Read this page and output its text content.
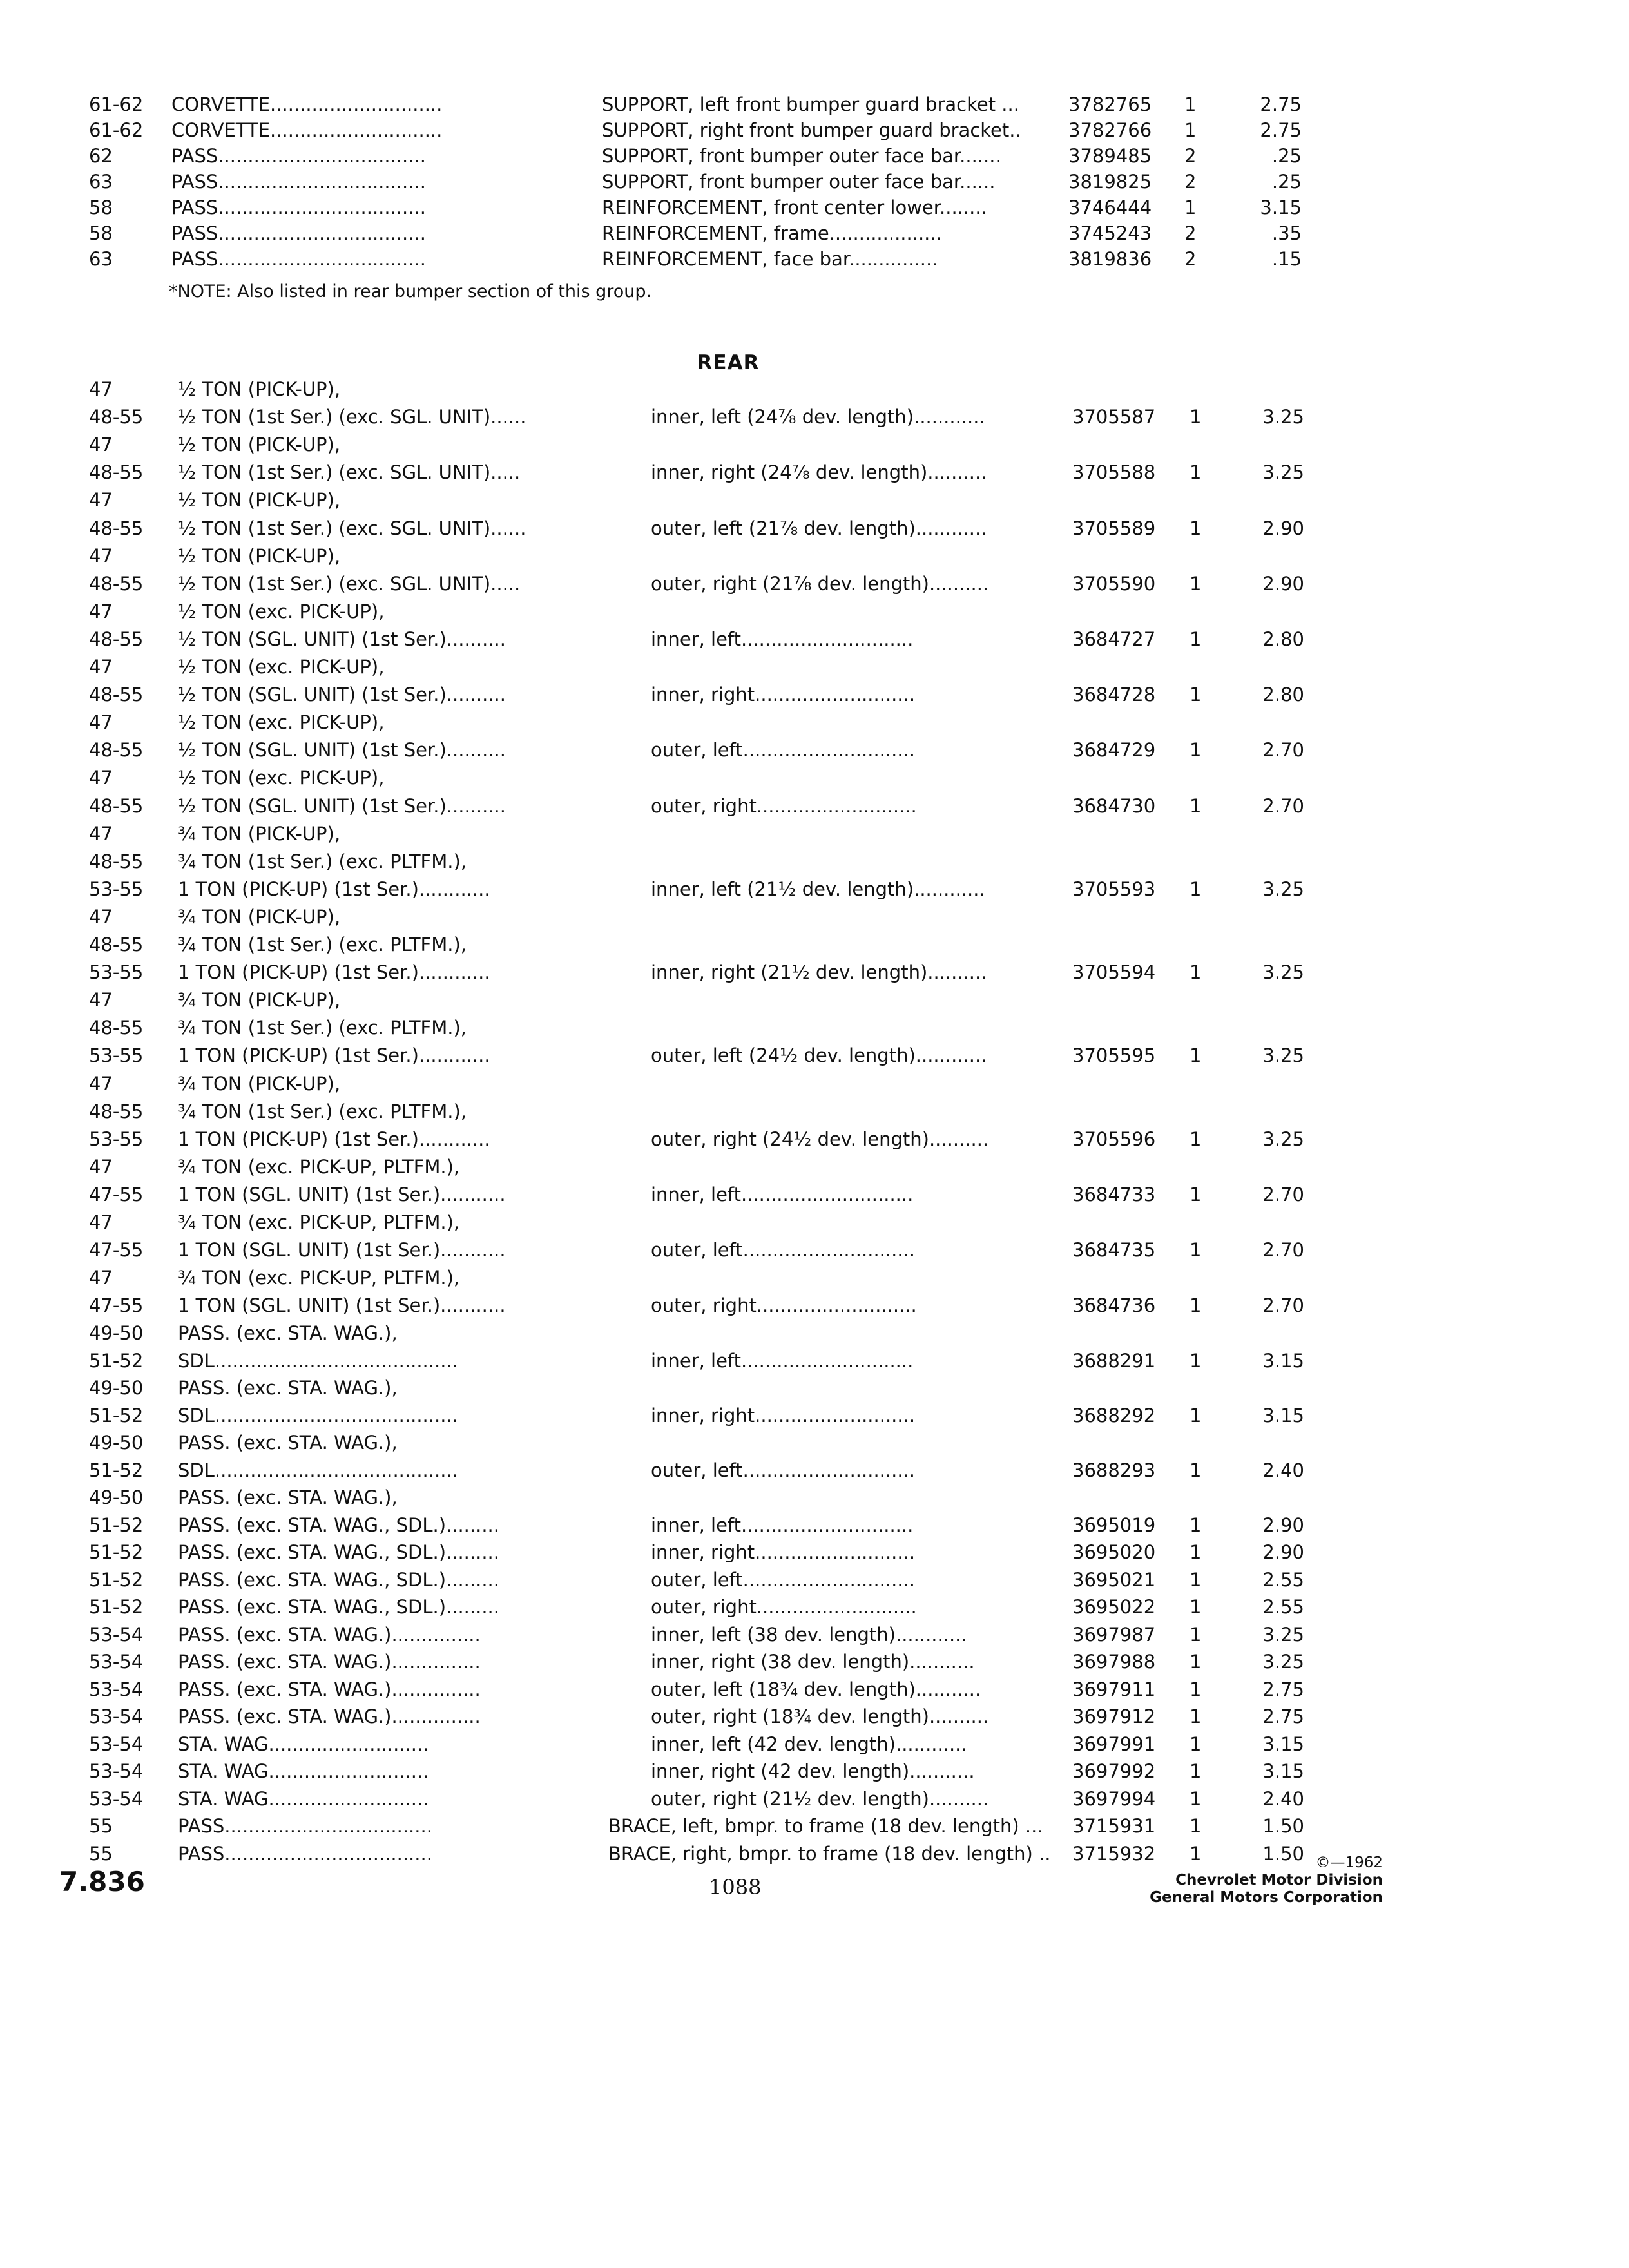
61-62	CORVETTE.............................	SUPPORT, left front bumper guard bracket ...	3782765	1	2.75
61-62	CORVETTE.............................	SUPPORT, right front bumper guard bracket..	3782766	1	2.75
62	PASS...................................	SUPPORT, front bumper outer face bar.......	3789485	2	.25
63	PASS...................................	SUPPORT, front bumper outer face bar......	3819825	2	.25
58	PASS...................................	REINFORCEMENT, front center lower........	3746444	1	3.15
58	PASS...................................	REINFORCEMENT, frame...................	3745243	2	.35
63	PASS...................................	REINFORCEMENT, face bar...............	3819836	2	.15
*NOTE: Also listed in rear bumper section of this group.
REAR
47	½ TON (PICK-UP),
48-55	½ TON (1st Ser.) (exc. SGL. UNIT)......	inner, left (24⅞ dev. length)............	3705587	1	3.25
47	½ TON (PICK-UP),
48-55	½ TON (1st Ser.) (exc. SGL. UNIT).....	inner, right (24⅞ dev. length)..........	3705588	1	3.25
47	½ TON (PICK-UP),
48-55	½ TON (1st Ser.) (exc. SGL. UNIT)......	outer, left (21⅞ dev. length)............	3705589	1	2.90
47	½ TON (PICK-UP),
48-55	½ TON (1st Ser.) (exc. SGL. UNIT).....	outer, right (21⅞ dev. length)..........	3705590	1	2.90
47	½ TON (exc. PICK-UP),
48-55	½ TON (SGL. UNIT) (1st Ser.)..........	inner, left.............................	3684727	1	2.80
47	½ TON (exc. PICK-UP),
48-55	½ TON (SGL. UNIT) (1st Ser.)..........	inner, right...........................	3684728	1	2.80
47	½ TON (exc. PICK-UP),
48-55	½ TON (SGL. UNIT) (1st Ser.)..........	outer, left.............................	3684729	1	2.70
47	½ TON (exc. PICK-UP),
48-55	½ TON (SGL. UNIT) (1st Ser.)..........	outer, right...........................	3684730	1	2.70
47	¾ TON (PICK-UP),
48-55	¾ TON (1st Ser.) (exc. PLTFM.),
53-55	1 TON (PICK-UP) (1st Ser.)............	inner, left (21½ dev. length)............	3705593	1	3.25
47	¾ TON (PICK-UP),
48-55	¾ TON (1st Ser.) (exc. PLTFM.),
53-55	1 TON (PICK-UP) (1st Ser.)............	inner, right (21½ dev. length)..........	3705594	1	3.25
47	¾ TON (PICK-UP),
48-55	¾ TON (1st Ser.) (exc. PLTFM.),
53-55	1 TON (PICK-UP) (1st Ser.)............	outer, left (24½ dev. length)............	3705595	1	3.25
47	¾ TON (PICK-UP),
48-55	¾ TON (1st Ser.) (exc. PLTFM.),
53-55	1 TON (PICK-UP) (1st Ser.)............	outer, right (24½ dev. length)..........	3705596	1	3.25
47	¾ TON (exc. PICK-UP, PLTFM.),
47-55	1 TON (SGL. UNIT) (1st Ser.)...........	inner, left.............................	3684733	1	2.70
47	¾ TON (exc. PICK-UP, PLTFM.),
47-55	1 TON (SGL. UNIT) (1st Ser.)...........	outer, left.............................	3684735	1	2.70
47	¾ TON (exc. PICK-UP, PLTFM.),
47-55	1 TON (SGL. UNIT) (1st Ser.)...........	outer, right...........................	3684736	1	2.70
49-50	PASS. (exc. STA. WAG.),
51-52	SDL.........................................	inner, left.............................	3688291	1	3.15
49-50	PASS. (exc. STA. WAG.),
51-52	SDL.........................................	inner, right...........................	3688292	1	3.15
49-50	PASS. (exc. STA. WAG.),
51-52	SDL.........................................	outer, left.............................	3688293	1	2.40
49-50	PASS. (exc. STA. WAG.),
51-52	PASS. (exc. STA. WAG., SDL.).........	inner, left.............................	3695019	1	2.90
51-52	PASS. (exc. STA. WAG., SDL.).........	inner, right...........................	3695020	1	2.90
51-52	PASS. (exc. STA. WAG., SDL.).........	outer, left.............................	3695021	1	2.55
51-52	PASS. (exc. STA. WAG., SDL.).........	outer, right...........................	3695022	1	2.55
53-54	PASS. (exc. STA. WAG.)...............	inner, left (38 dev. length)............	3697987	1	3.25
53-54	PASS. (exc. STA. WAG.)...............	inner, right (38 dev. length)...........	3697988	1	3.25
53-54	PASS. (exc. STA. WAG.)...............	outer, left (18¾ dev. length)...........	3697911	1	2.75
53-54	PASS. (exc. STA. WAG.)...............	outer, right (18¾ dev. length)..........	3697912	1	2.75
53-54	STA. WAG...........................	inner, left (42 dev. length)............	3697991	1	3.15
53-54	STA. WAG...........................	inner, right (42 dev. length)...........	3697992	1	3.15
53-54	STA. WAG...........................	outer, right (21½ dev. length)..........	3697994	1	2.40
55	PASS...................................	BRACE, left, bmpr. to frame (18 dev. length) ...	3715931	1	1.50
55	PASS...................................	BRACE, right, bmpr. to frame (18 dev. length) .. 3715932	1	1.50
7.836	1088
©—1962
Chevrolet Motor Division
General Motors Corporation
